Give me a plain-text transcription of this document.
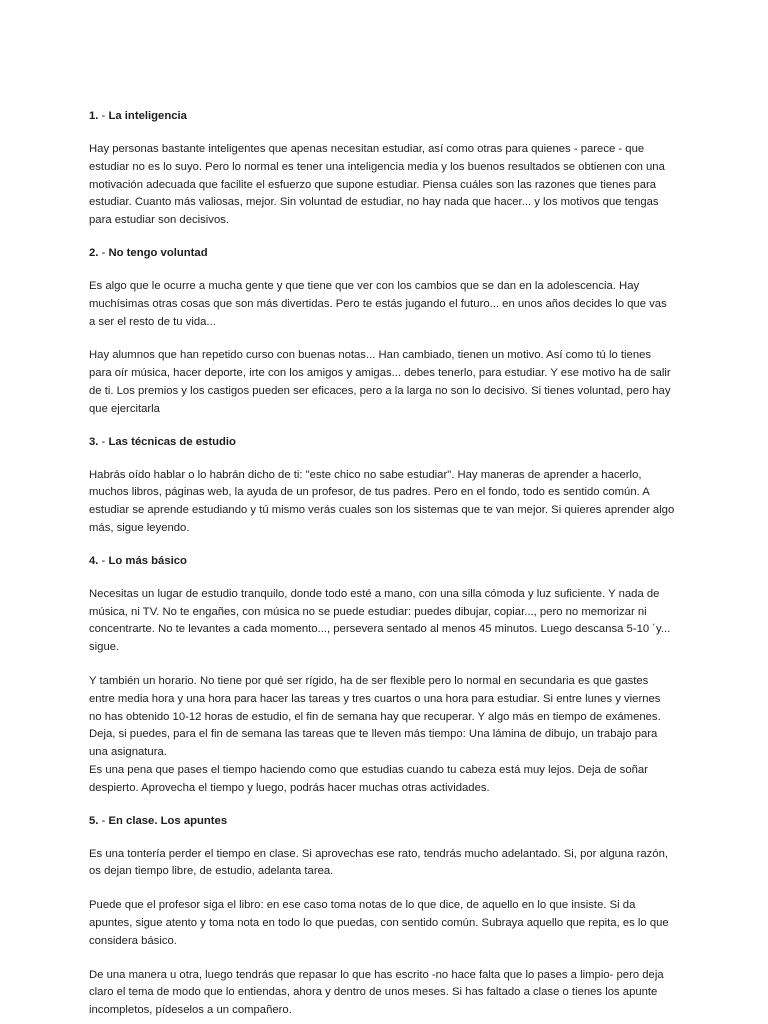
1. - La inteligencia

Hay personas bastante inteligentes que apenas necesitan estudiar, así como otras para quienes - parece - que estudiar no es lo suyo. Pero lo normal es tener una inteligencia media y los buenos resultados se obtienen con una motivación adecuada que facilite el esfuerzo que supone estudiar. Piensa cuáles son las razones que tienes para estudiar. Cuanto más valiosas, mejor. Sin voluntad de estudiar, no hay nada que hacer... y los motivos que tengas para estudiar son decisivos.

2. - No tengo voluntad

Es algo que le ocurre a mucha gente y que tiene que ver con los cambios que se dan en la adolescencia. Hay muchísimas otras cosas que son más divertidas. Pero te estás jugando el futuro... en unos años decides lo que vas a ser el resto de tu vida...

Hay alumnos que han repetido curso con buenas notas... Han cambiado, tienen un motivo. Así como tú lo tienes para oír música, hacer deporte, irte con los amigos y amigas... debes tenerlo, para estudiar. Y ese motivo ha de salir de ti. Los premios y los castigos pueden ser eficaces, pero a la larga no son lo decisivo. Si tienes voluntad, pero hay que ejercitarla

3. - Las técnicas de estudio

Habrás oído hablar o lo habrán dicho de ti: "este chico no sabe estudiar". Hay maneras de aprender a hacerlo, muchos libros, páginas web, la ayuda de un profesor, de tus padres. Pero en el fondo, todo es sentido común. A estudiar se aprende estudiando y tú mismo verás cuales son los sistemas que te van mejor. Si quieres aprender algo más, sigue leyendo.

4. - Lo más básico

Necesitas un lugar de estudio tranquilo, donde todo esté a mano, con una silla cómoda y luz suficiente. Y nada de música, ni TV. No te engañes, con música no se puede estudiar: puedes dibujar, copiar..., pero no memorizar ni concentrarte. No te levantes a cada momento..., persevera sentado al menos 45 minutos. Luego descansa 5-10 ´y... sigue.

Y también un horario. No tiene por qué ser rígido, ha de ser flexible pero lo normal en secundaria es que gastes entre media hora y una hora para hacer las tareas y tres cuartos o una hora para estudiar. Si entre lunes y viernes no has obtenido 10-12 horas de estudio, el fin de semana hay que recuperar. Y algo más en tiempo de exámenes. Deja, si puedes, para el fin de semana las tareas que te lleven más tiempo: Una lámina de dibujo, un trabajo para una asignatura.
Es una pena que pases el tiempo haciendo como que estudias cuando tu cabeza está muy lejos. Deja de soñar despierto. Aprovecha el tiempo y luego, podrás hacer muchas otras actividades.

5. - En clase. Los apuntes

Es una tontería perder el tiempo en clase. Si aprovechas ese rato, tendrás mucho adelantado. Si, por alguna razón, os dejan tiempo libre, de estudio, adelanta tarea.

Puede que el profesor siga el libro: en ese caso toma notas de lo que dice, de aquello en lo que insiste. Si da apuntes, sigue atento y toma nota en todo lo que puedas, con sentido común. Subraya aquello que repita, es lo que considera básico.

De una manera u otra, luego tendrás que repasar lo que has escrito -no hace falta que lo pases a limpio- pero deja claro el tema de modo que lo entiendas, ahora y dentro de unos meses. Si has faltado a clase o tienes los apunte incompletos, pídeselos a un compañero.
